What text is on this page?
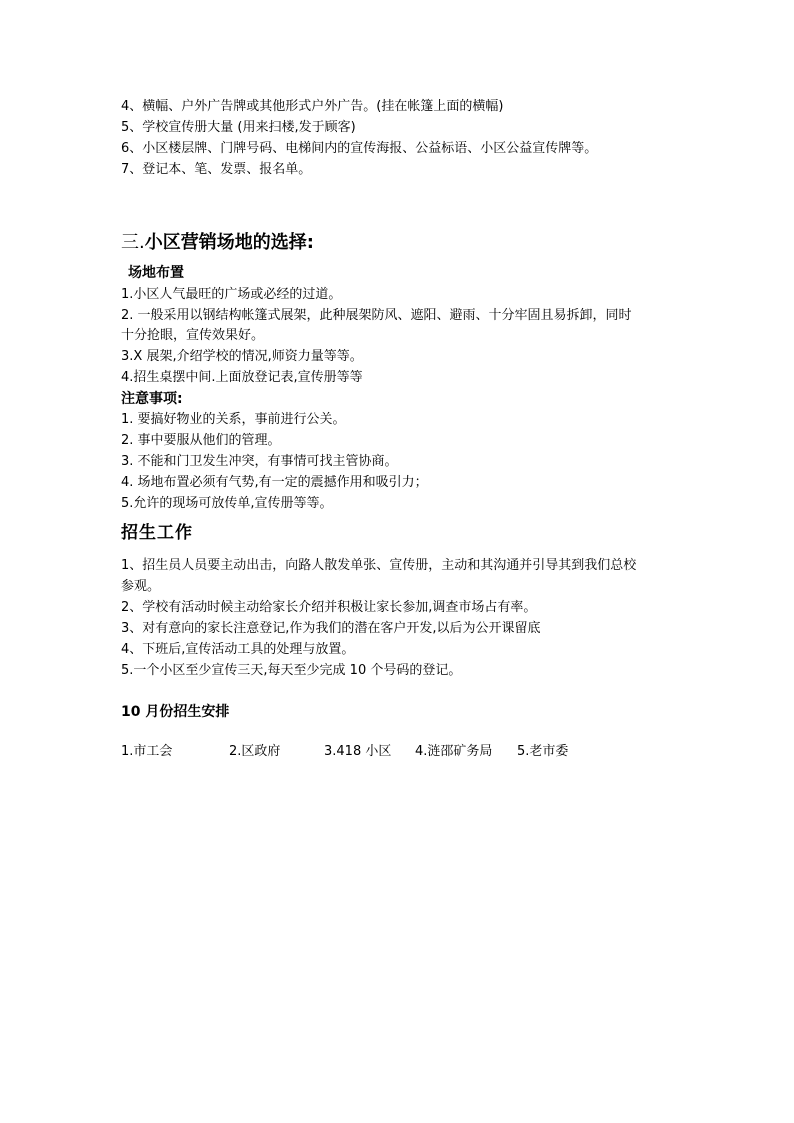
4、横幅、户外广告牌或其他形式户外广告。(挂在帐篷上面的横幅)
5、学校宣传册大量 (用来扫楼,发于顾客)
6、小区楼层牌、门牌号码、电梯间内的宣传海报、公益标语、小区公益宣传牌等。
7、登记本、笔、发票、报名单。
三.小区营销场地的选择:
场地布置
1.小区人气最旺的广场或必经的过道。
2. 一般采用以钢结构帐篷式展架，此种展架防风、遮阳、避雨、十分牢固且易拆卸，同时
十分抢眼，宣传效果好。
3.X 展架,介绍学校的情况,师资力量等等。
4.招生桌摆中间.上面放登记表,宣传册等等
注意事项:
1. 要搞好物业的关系，事前进行公关。
2. 事中要服从他们的管理。
3. 不能和门卫发生冲突，有事情可找主管协商。
4. 场地布置必须有气势,有一定的震撼作用和吸引力；
5.允许的现场可放传单,宣传册等等。
招生工作
1、招生员人员要主动出击，向路人散发单张、宣传册，主动和其沟通并引导其到我们总校
参观。
2、学校有活动时候主动给家长介绍并积极让家长参加,调查市场占有率。
3、对有意向的家长注意登记,作为我们的潜在客户开发,以后为公开课留底
4、下班后,宣传活动工具的处理与放置。
5.一个小区至少宣传三天,每天至少完成 10 个号码的登记。
10 月份招生安排
1.市工会	2.区政府	3.418 小区 4.涟邵矿务局 5.老市委
